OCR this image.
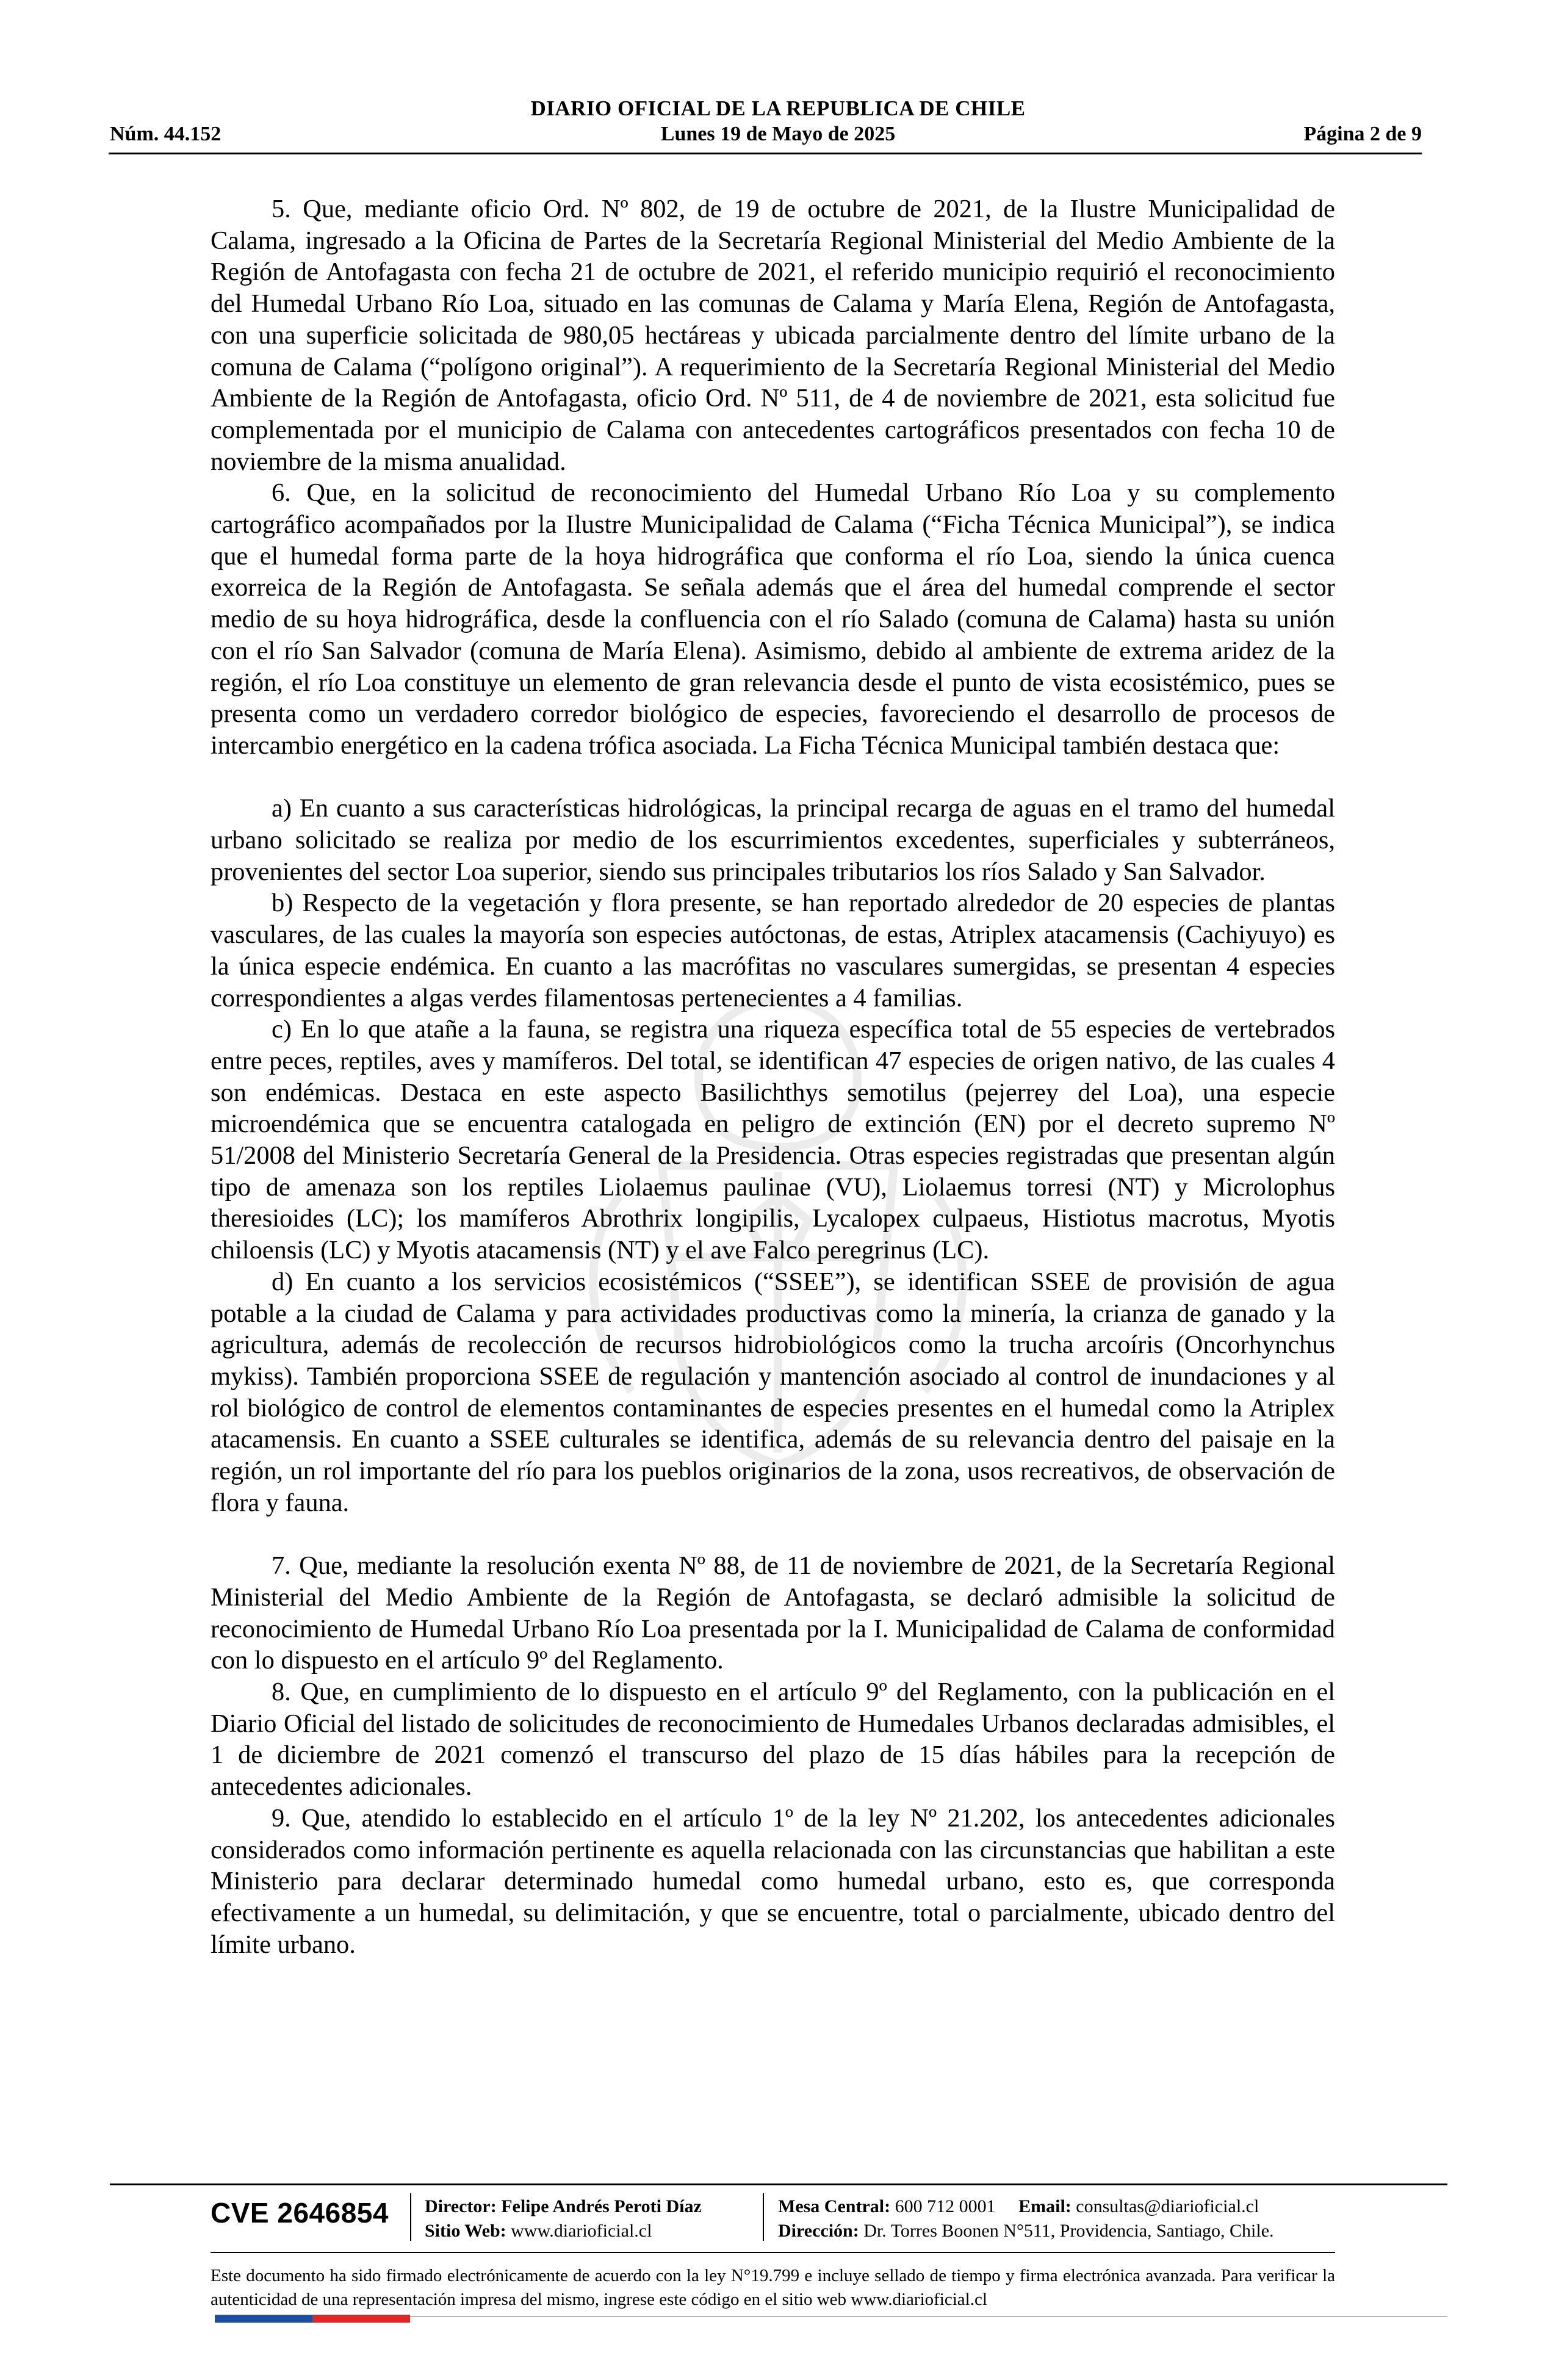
DIARIO OFICIAL DE LA REPUBLICA DE CHILE
Núm. 44.152	Lunes 19 de Mayo de 2025	Página 2 de 9

5. Que, mediante oficio Ord. Nº 802, de 19 de octubre de 2021, de la Ilustre Municipalidad de Calama, ingresado a la Oficina de Partes de la Secretaría Regional Ministerial del Medio Ambiente de la Región de Antofagasta con fecha 21 de octubre de 2021, el referido municipio requirió el reconocimiento del Humedal Urbano Río Loa, situado en las comunas de Calama y María Elena, Región de Antofagasta, con una superficie solicitada de 980,05 hectáreas y ubicada parcialmente dentro del límite urbano de la comuna de Calama (“polígono original”). A requerimiento de la Secretaría Regional Ministerial del Medio Ambiente de la Región de Antofagasta, oficio Ord. Nº 511, de 4 de noviembre de 2021, esta solicitud fue complementada por el municipio de Calama con antecedentes cartográficos presentados con fecha 10 de noviembre de la misma anualidad.

6. Que, en la solicitud de reconocimiento del Humedal Urbano Río Loa y su complemento cartográfico acompañados por la Ilustre Municipalidad de Calama (“Ficha Técnica Municipal”), se indica que el humedal forma parte de la hoya hidrográfica que conforma el río Loa, siendo la única cuenca exorreica de la Región de Antofagasta. Se señala además que el área del humedal comprende el sector medio de su hoya hidrográfica, desde la confluencia con el río Salado (comuna de Calama) hasta su unión con el río San Salvador (comuna de María Elena). Asimismo, debido al ambiente de extrema aridez de la región, el río Loa constituye un elemento de gran relevancia desde el punto de vista ecosistémico, pues se presenta como un verdadero corredor biológico de especies, favoreciendo el desarrollo de procesos de intercambio energético en la cadena trófica asociada. La Ficha Técnica Municipal también destaca que:

a) En cuanto a sus características hidrológicas, la principal recarga de aguas en el tramo del humedal urbano solicitado se realiza por medio de los escurrimientos excedentes, superficiales y subterráneos, provenientes del sector Loa superior, siendo sus principales tributarios los ríos Salado y San Salvador.

b) Respecto de la vegetación y flora presente, se han reportado alrededor de 20 especies de plantas vasculares, de las cuales la mayoría son especies autóctonas, de estas, Atriplex atacamensis (Cachiyuyo) es la única especie endémica. En cuanto a las macrófitas no vasculares sumergidas, se presentan 4 especies correspondientes a algas verdes filamentosas pertenecientes a 4 familias.

c) En lo que atañe a la fauna, se registra una riqueza específica total de 55 especies de vertebrados entre peces, reptiles, aves y mamíferos. Del total, se identifican 47 especies de origen nativo, de las cuales 4 son endémicas. Destaca en este aspecto Basilichthys semotilus (pejerrey del Loa), una especie microendémica que se encuentra catalogada en peligro de extinción (EN) por el decreto supremo Nº 51/2008 del Ministerio Secretaría General de la Presidencia. Otras especies registradas que presentan algún tipo de amenaza son los reptiles Liolaemus paulinae (VU), Liolaemus torresi (NT) y Microlophus theresioides (LC); los mamíferos Abrothrix longipilis, Lycalopex culpaeus, Histiotus macrotus, Myotis chiloensis (LC) y Myotis atacamensis (NT) y el ave Falco peregrinus (LC).

d) En cuanto a los servicios ecosistémicos (“SSEE”), se identifican SSEE de provisión de agua potable a la ciudad de Calama y para actividades productivas como la minería, la crianza de ganado y la agricultura, además de recolección de recursos hidrobiológicos como la trucha arcoíris (Oncorhynchus mykiss). También proporciona SSEE de regulación y mantención asociado al control de inundaciones y al rol biológico de control de elementos contaminantes de especies presentes en el humedal como la Atriplex atacamensis. En cuanto a SSEE culturales se identifica, además de su relevancia dentro del paisaje en la región, un rol importante del río para los pueblos originarios de la zona, usos recreativos, de observación de flora y fauna.

7. Que, mediante la resolución exenta Nº 88, de 11 de noviembre de 2021, de la Secretaría Regional Ministerial del Medio Ambiente de la Región de Antofagasta, se declaró admisible la solicitud de reconocimiento de Humedal Urbano Río Loa presentada por la I. Municipalidad de Calama de conformidad con lo dispuesto en el artículo 9º del Reglamento.

8. Que, en cumplimiento de lo dispuesto en el artículo 9º del Reglamento, con la publicación en el Diario Oficial del listado de solicitudes de reconocimiento de Humedales Urbanos declaradas admisibles, el 1 de diciembre de 2021 comenzó el transcurso del plazo de 15 días hábiles para la recepción de antecedentes adicionales.

9. Que, atendido lo establecido en el artículo 1º de la ley Nº 21.202, los antecedentes adicionales considerados como información pertinente es aquella relacionada con las circunstancias que habilitan a este Ministerio para declarar determinado humedal como humedal urbano, esto es, que corresponda efectivamente a un humedal, su delimitación, y que se encuentre, total o parcialmente, ubicado dentro del límite urbano.

CVE 2646854 Director: Felipe Andrés Peroti Díaz
Sitio Web: www.diarioficial.cl
Mesa Central: 600 712 0001 Email: consultas@diarioficial.cl
Dirección: Dr. Torres Boonen N°511, Providencia, Santiago, Chile.
Este documento ha sido firmado electrónicamente de acuerdo con la ley N°19.799 e incluye sellado de tiempo y firma electrónica avanzada. Para verificar la autenticidad de una representación impresa del mismo, ingrese este código en el sitio web www.diarioficial.cl
